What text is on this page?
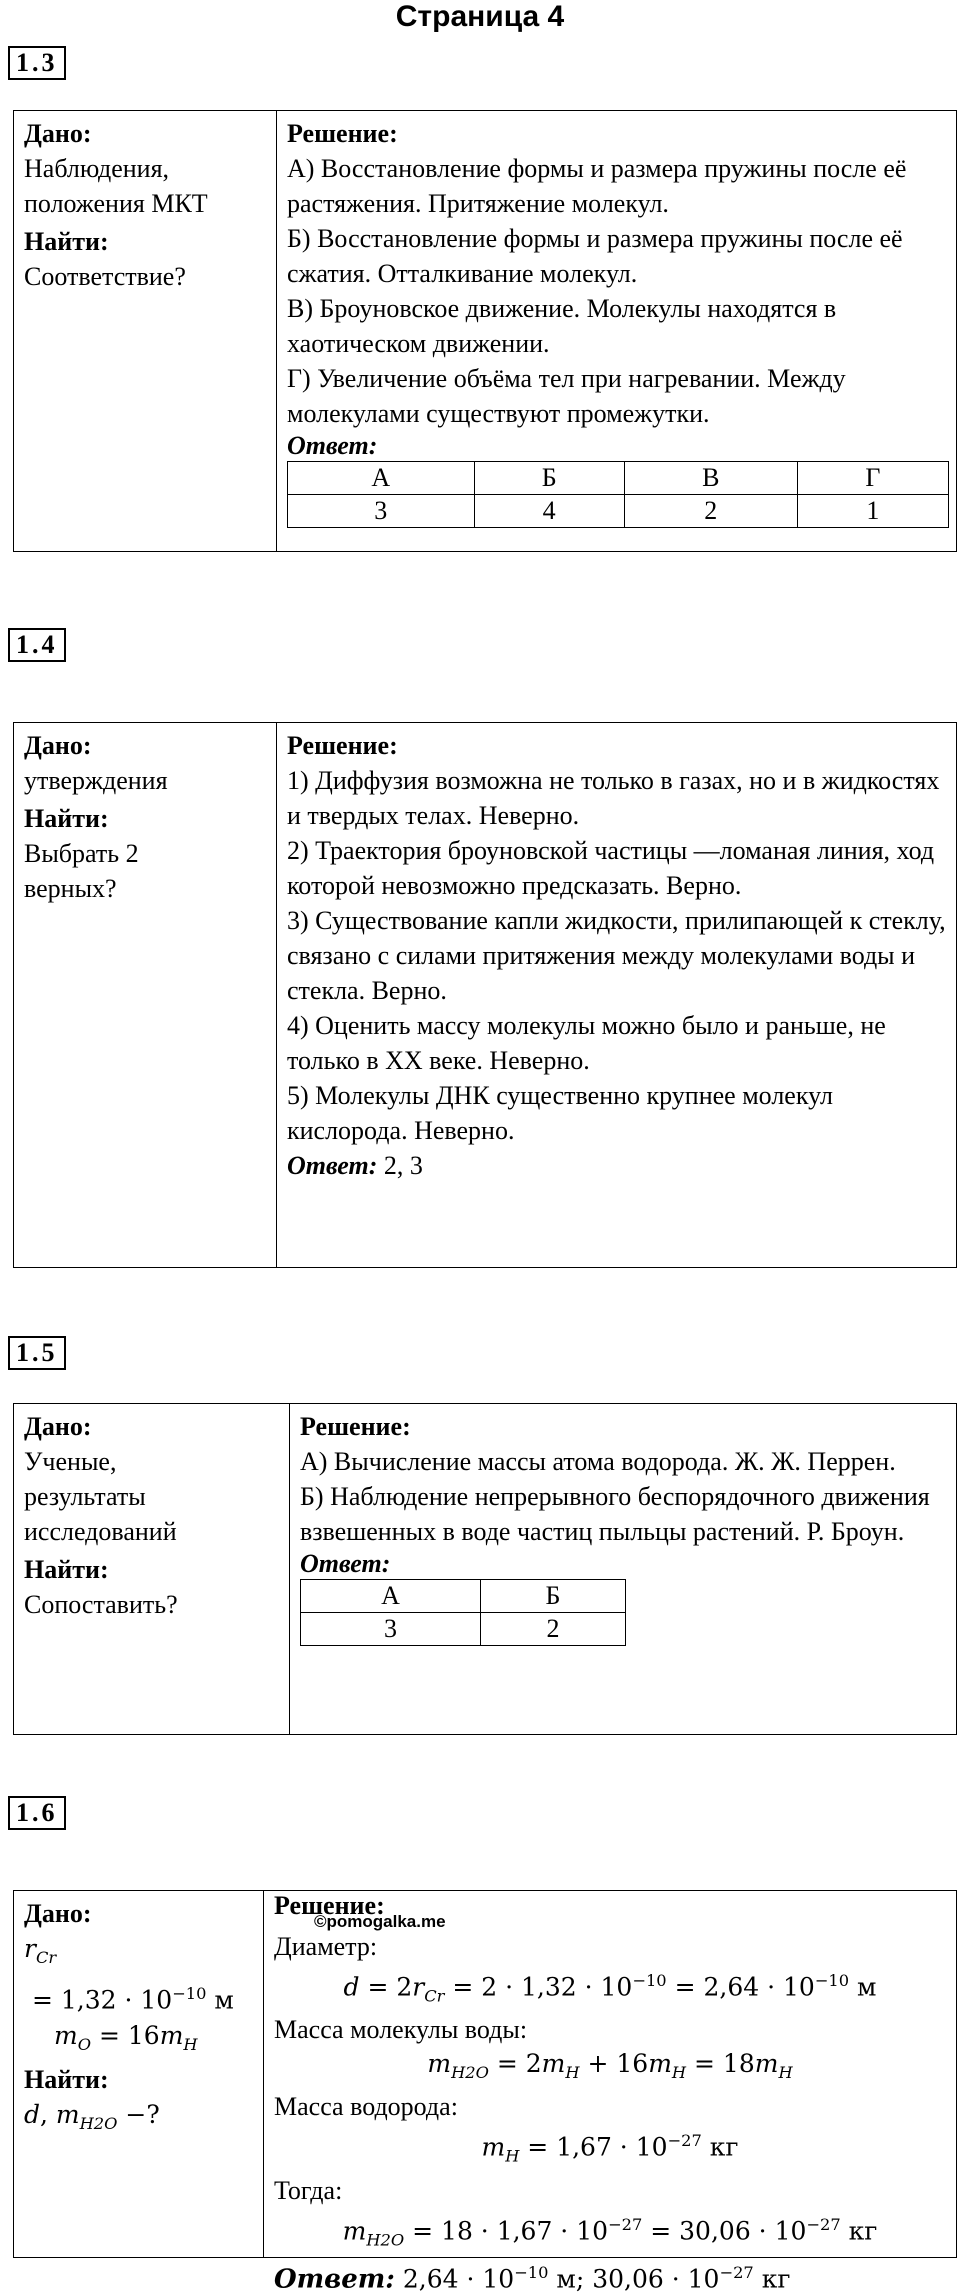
Страница 4
1.3
Дано:
Наблюдения, положения МКТ
Найти:
Соответствие?
Решение:
А) Восстановление формы и размера пружины после её растяжения. Притяжение молекул.
Б) Восстановление формы и размера пружины после её сжатия. Отталкивание молекул.
В) Броуновское движение. Молекулы находятся в хаотическом движении.
Г) Увеличение объёма тел при нагревании. Между молекулами существуют промежутки.
Ответ:
А	Б	В	Г
3	4	2	1
1.4
Дано:
утверждения
Найти:
Выбрать 2 верных?
Решение:
1) Диффузия возможна не только в газах, но и в жидкостях и твердых телах. Неверно.
2) Траектория броуновской частицы —ломаная линия, ход которой невозможно предсказать. Верно.
3) Существование капли жидкости, прилипающей к стеклу, связано с силами притяжения между молекулами воды и стекла. Верно.
4) Оценить массу молекулы можно было и раньше, не только в XX веке. Неверно.
5) Молекулы ДНК существенно крупнее молекул кислорода. Неверно.
Ответ: 2, 3
1.5
Дано:
Ученые, результаты исследований
Найти:
Сопоставить?
Решение:
А) Вычисление массы атома водорода. Ж. Ж. Перрен.
Б) Наблюдение непрерывного беспорядочного движения взвешенных в воде частиц пыльцы растений. Р. Броун.
Ответ:
А	Б
3	2
1.6
Дано:
$r_{Cr}$
= $1,32 \cdot 10^{-10}$ м
$m_O = 16m_H$
Найти:
d, $m_{H2O}$ −?
Решение:
©pomogalka.me
Диаметр:
$d = 2r_{Cr} = 2 \cdot 1,32 \cdot 10^{-10} = 2,64 \cdot 10^{-10}$ м
Масса молекулы воды:
$m_{H2O} = 2m_H + 16m_H = 18m_H$
Масса водорода:
$m_H = 1,67 \cdot 10^{-27}$ кг
Тогда:
$m_{H2O} = 18 \cdot 1,67 \cdot 10^{-27} = 30,06 \cdot 10^{-27}$ кг
Ответ: $2,64 \cdot 10^{-10}$ м; $30,06 \cdot 10^{-27}$ кг
